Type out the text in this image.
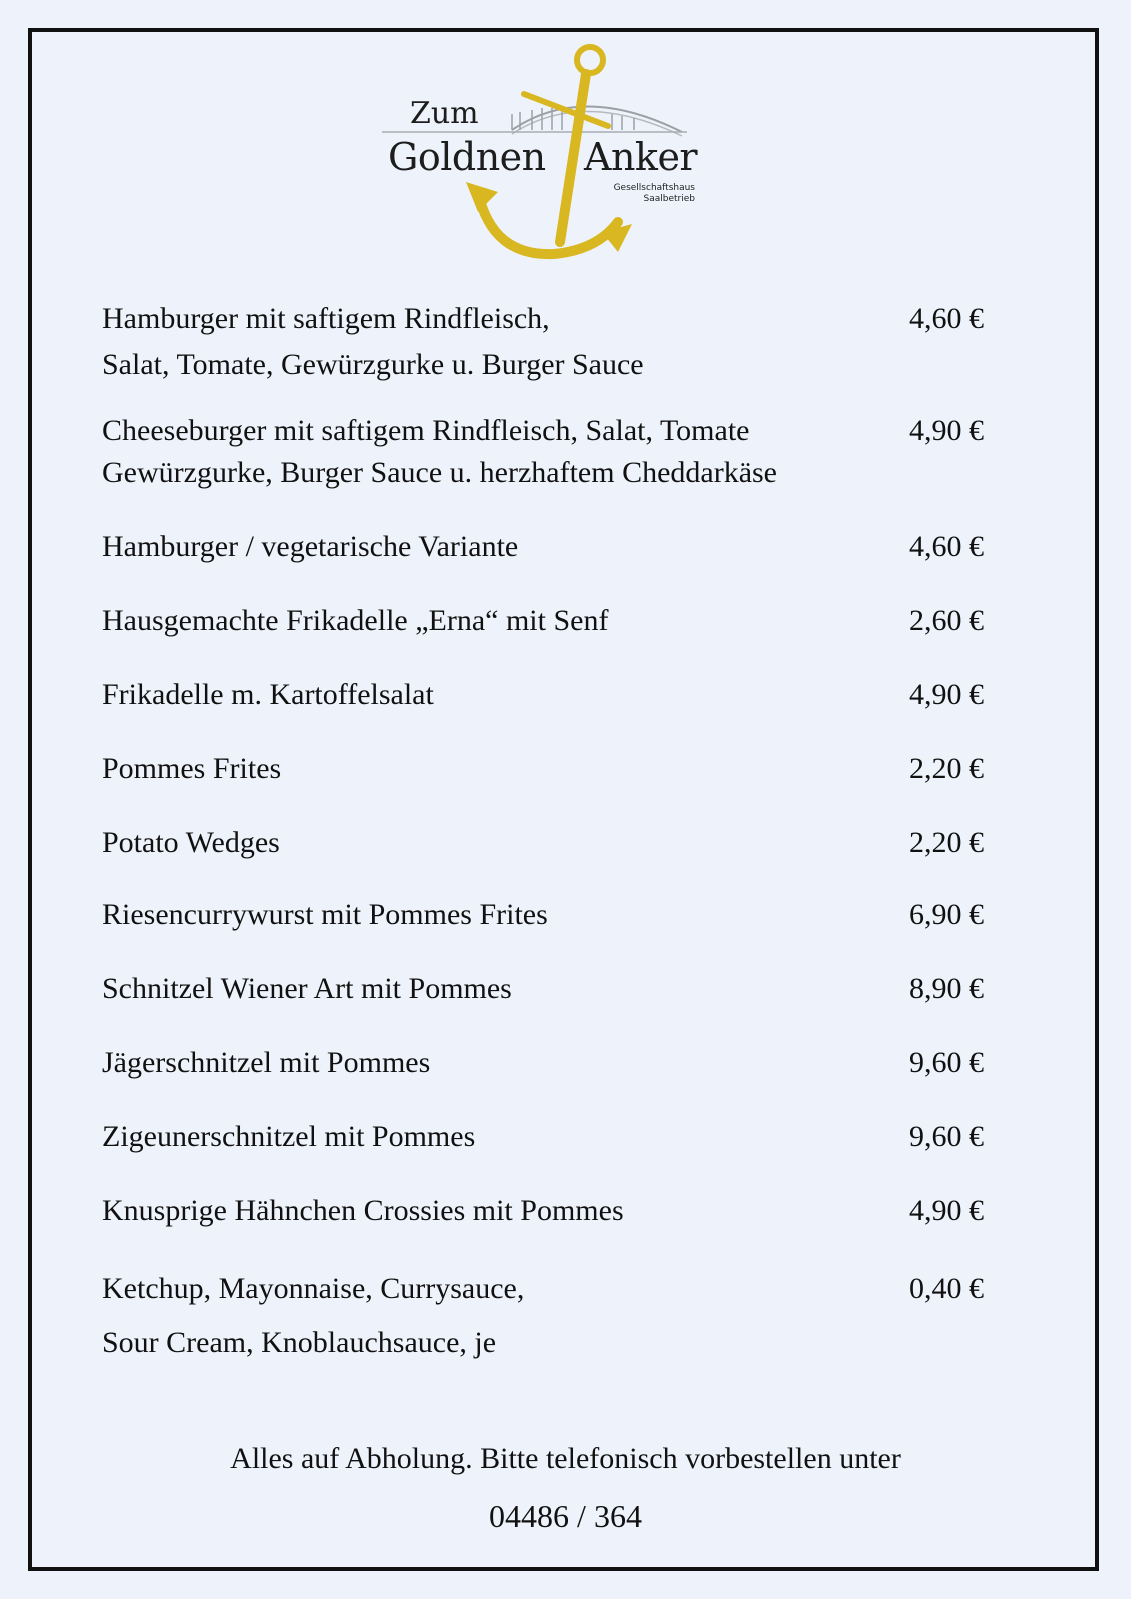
Zum
Goldnen Anker
Gesellschaftshaus
Saalbetrieb
Hamburger mit saftigem Rindfleisch,
Salat, Tomate, Gewürzgurke u. Burger Sauce
4,60 €
Cheeseburger mit saftigem Rindfleisch, Salat, Tomate
Gewürzgurke, Burger Sauce u. herzhaftem Cheddarkäse
4,90 €
Hamburger / vegetarische Variante	4,60 €
Hausgemachte Frikadelle „Erna“ mit Senf	2,60 €
Frikadelle m. Kartoffelsalat	4,90 €
Pommes Frites	2,20 €
Potato Wedges	2,20 €
Riesencurrywurst mit Pommes Frites	6,90 €
Schnitzel Wiener Art mit Pommes	8,90 €
Jägerschnitzel mit Pommes	9,60 €
Zigeunerschnitzel mit Pommes	9,60 €
Knusprige Hähnchen Crossies mit Pommes	4,90 €
Ketchup, Mayonnaise, Currysauce,
Sour Cream, Knoblauchsauce, je
0,40 €
Alles auf Abholung. Bitte telefonisch vorbestellen unter
04486 / 364
